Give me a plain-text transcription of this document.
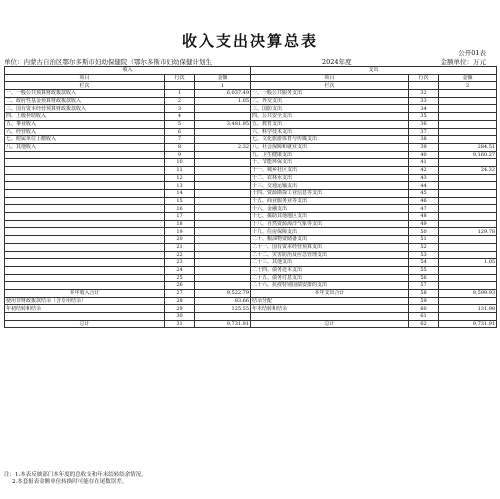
收入支出决算总表
公开01表
单位：内蒙古自治区鄂尔多斯市妇幼保健院（鄂尔多斯市妇幼保健计划生	2024年度	金额单位：万元
收入			支出		
项目	行次	金额	项目	行次	金额
栏次		1	栏次		2
一、一般公共预算财政拨款收入	1	6,037.49	一、一般公共服务支出	32	
二、政府性基金预算财政拨款收入	2	1.05	二、外交支出	33	
三、国有资本经营预算财政拨款收入	3		三、国防支出	34	
四、上级补助收入	4		四、公共安全支出	35	
五、事业收入	5	3,481.95	五、教育支出	36	
六、经营收入	6		六、科学技术支出	37	
七、附属单位上缴收入	7		七、文化旅游体育与传媒支出	38	
八、其他收入	8	2.32	八、社会保障和就业支出	39	284.51
	9		九、卫生健康支出	40	9,160.27
	10		十、节能环保支出	41	
	11		十一、城乡社区支出	42	24.32
	12		十二、农林水支出	43	
	13		十三、交通运输支出	44	
	14		十四、资源勘探工业信息等支出	45	
	15		十五、商业服务业等支出	46	
	16		十六、金融支出	47	
	17		十七、援助其他地区支出	48	
	18		十八、自然资源海洋气象等支出	49	
	19		十九、住房保障支出	50	129.78
	20		二十、粮油物资储备支出	51	
	21		二十一、国有资本经营预算支出	52	
	22		二十二、灾害防治及应急管理支出	53	
	23		二十三、其他支出	54	1.05
	24		二十四、债务还本支出	55	
	25		二十五、债务付息支出	56	
	26		二十六、抗疫特别国债安排的支出	57	
本年收入合计	27	9,522.79	本年支出合计	58	9,599.93
使用非财政拨款结余（含专用结余）	28	83.66	结余分配	59	
年初结转和结余	29	125.55	年末结转和结余	60	131.98
	30			61	
总计	31	9,731.91	总计	62	9,731.91
注：1.本表反映部门本年度的总收支和年末结转结余情况。
2.本套报表金额单位转换时可能存在尾数误差。
